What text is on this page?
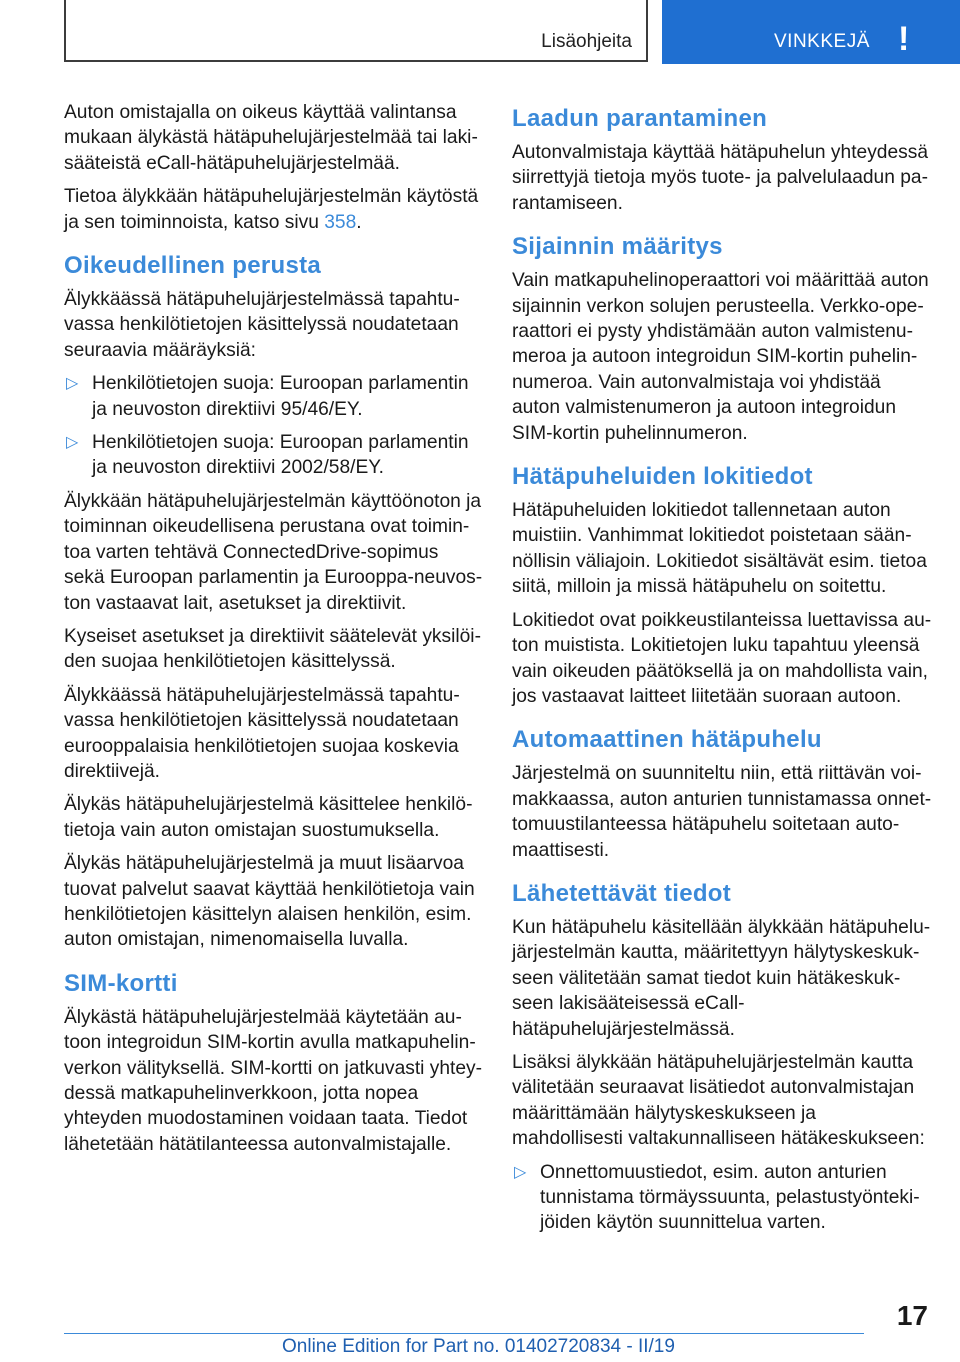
Lisäohjeita	VINKKEJÄ !

Auton omistajalla on oikeus käyttää valintansa mukaan älykästä hätäpuhelujärjestelmää tai lakisääteistä eCall-hätäpuhelujärjestelmää.

Tietoa älykkään hätäpuhelujärjestelmän käytöstä ja sen toiminnoista, katso sivu 358.

Oikeudellinen perusta

Älykkäässä hätäpuhelujärjestelmässä tapahtuvassa henkilötietojen käsittelyssä noudatetaan seuraavia määräyksiä:

▷ Henkilötietojen suoja: Euroopan parlamentin ja neuvoston direktiivi 95/46/EY.

▷ Henkilötietojen suoja: Euroopan parlamentin ja neuvoston direktiivi 2002/58/EY.

Älykkään hätäpuhelujärjestelmän käyttöönoton ja toiminnan oikeudellisena perustana ovat toimintoa varten tehtävä ConnectedDrive-sopimus sekä Euroopan parlamentin ja Eurooppa-neuvoston vastaavat lait, asetukset ja direktiivit.

Kyseiset asetukset ja direktiivit säätelevät yksilöiden suojaa henkilötietojen käsittelyssä.

Älykkäässä hätäpuhelujärjestelmässä tapahtuvassa henkilötietojen käsittelyssä noudatetaan eurooppalaisia henkilötietojen suojaa koskevia direktiivejä.

Älykäs hätäpuhelujärjestelmä käsittelee henkilötietoja vain auton omistajan suostumuksella.

Älykäs hätäpuhelujärjestelmä ja muut lisäarvoa tuovat palvelut saavat käyttää henkilötietoja vain henkilötietojen käsittelyn alaisen henkilön, esim. auton omistajan, nimenomaisella luvalla.

SIM-kortti

Älykästä hätäpuhelujärjestelmää käytetään autoon integroidun SIM-kortin avulla matkapuhelinverkon välityksellä. SIM-kortti on jatkuvasti yhteydessä matkapuhelinverkkoon, jotta nopea yhteyden muodostaminen voidaan taata. Tiedot lähetetään hätätilanteessa autonvalmistajalle.

Laadun parantaminen

Autonvalmistaja käyttää hätäpuhelun yhteydessä siirrettyjä tietoja myös tuote- ja palvelulaadun parantamiseen.

Sijainnin määritys

Vain matkapuhelinoperaattori voi määrittää auton sijainnin verkon solujen perusteella. Verkko-operaattori ei pysty yhdistämään auton valmistenumeroa ja autoon integroidun SIM-kortin puhelinnumeroa. Vain autonvalmistaja voi yhdistää auton valmistenumeron ja autoon integroidun SIM-kortin puhelinnumeron.

Hätäpuheluiden lokitiedot

Hätäpuheluiden lokitiedot tallennetaan auton muistiin. Vanhimmat lokitiedot poistetaan säännöllisin väliajoin. Lokitiedot sisältävät esim. tietoa siitä, milloin ja missä hätäpuhelu on soitettu.

Lokitiedot ovat poikkeustilanteissa luettavissa auton muistista. Lokitietojen luku tapahtuu yleensä vain oikeuden päätöksellä ja on mahdollista vain, jos vastaavat laitteet liitetään suoraan autoon.

Automaattinen hätäpuhelu

Järjestelmä on suunniteltu niin, että riittävän voimakkaassa, auton anturien tunnistamassa onnettomuustilanteessa hätäpuhelu soitetaan automaattisesti.

Lähetettävät tiedot

Kun hätäpuhelu käsitellään älykkään hätäpuhelujärjestelmän kautta, määritettyyn hälytyskeskukseen välitetään samat tiedot kuin hätäkeskukseen lakisääteisessä eCall-hätäpuhelujärjestelmässä.

Lisäksi älykkään hätäpuhelujärjestelmän kautta välitetään seuraavat lisätiedot autonvalmistajan määrittämään hälytyskeskukseen ja mahdollisesti valtakunnalliseen hätäkeskukseen:

▷ Onnettomuustiedot, esim. auton anturien tunnistama törmäyssuunta, pelastustyöntekijöiden käytön suunnittelua varten.

17
Online Edition for Part no. 01402720834 - II/19
